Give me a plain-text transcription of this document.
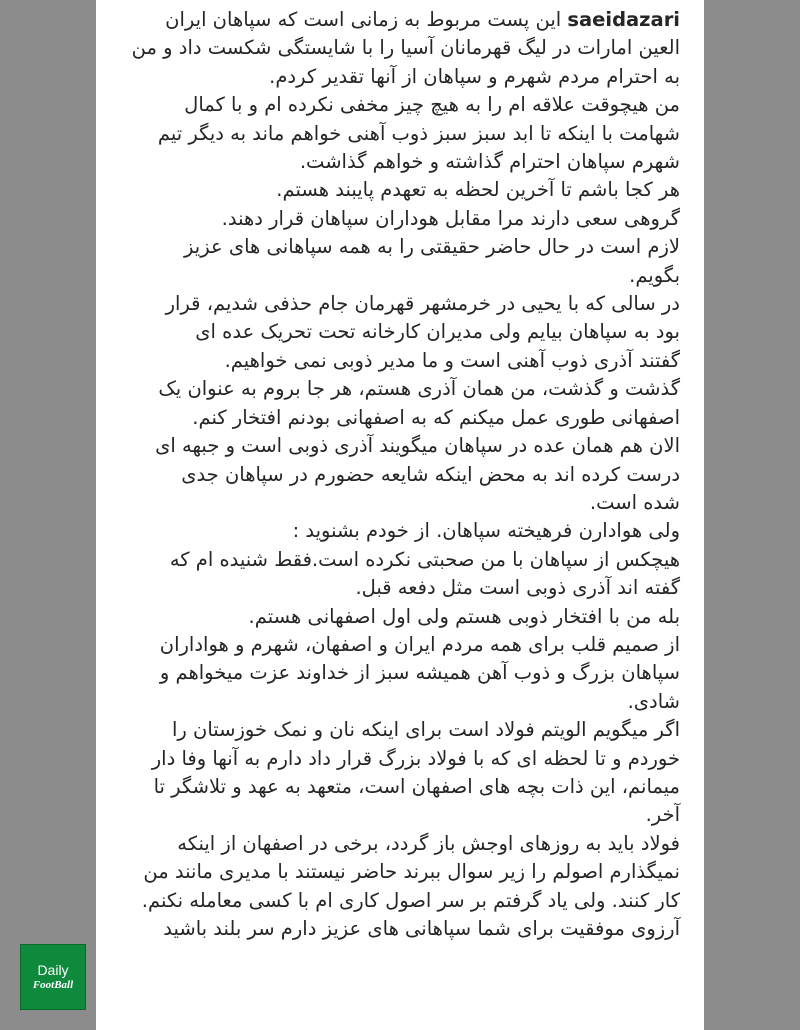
saeidazari این پست مربوط به زمانی است که سپاهان ایران
العین امارات در لیگ قهرمانان آسیا را با شایستگی شکست داد و من
به احترام مردم شهرم و سپاهان از آنها تقدیر کردم.
من هیچوقت علاقه ام را به هیچ چیز مخفی نکرده ام و با کمال
شهامت با اینکه تا ابد سبز سبز ذوب آهنی خواهم ماند به دیگر تیم
شهرم سپاهان احترام گذاشته و خواهم گذاشت.
هر کجا باشم تا آخرین لحظه به تعهدم پایبند هستم.
گروهی سعی دارند مرا مقابل هوداران سپاهان قرار دهند.
لازم است در حال حاضر حقیقتی را به همه سپاهانی های عزیز
بگویم.
در سالی که با یحیی در خرمشهر قهرمان جام حذفی شدیم، قرار
بود به سپاهان بیایم ولی مدیران کارخانه تحت تحریک عده ای
گفتند آذری ذوب آهنی است و ما مدیر ذوبی نمی خواهیم.
گذشت و گذشت، من همان آذری هستم، هر جا بروم به عنوان یک
اصفهانی طوری عمل میکنم که به اصفهانی بودنم افتخار کنم.
الان هم همان عده در سپاهان میگویند آذری ذوبی است و جبهه ای
درست کرده اند به محض اینکه شایعه حضورم در سپاهان جدی
شده است.
ولی هوادارن فرهیخته سپاهان. از خودم بشنوید :
هیچکس از سپاهان با من صحبتی نکرده است.فقط شنیده ام که
گفته اند آذری ذوبی است مثل دفعه قبل.
بله من با افتخار ذوبی هستم ولی اول اصفهانی هستم.
از صمیم قلب برای همه مردم ایران و اصفهان، شهرم و هواداران
سپاهان بزرگ و ذوب آهن همیشه سبز از خداوند عزت میخواهم و
شادی.
اگر میگویم الویتم فولاد است برای اینکه نان و نمک خوزستان را
خوردم و تا لحظه ای که با فولاد بزرگ قرار داد دارم به آنها وفا دار
میمانم، این ذات بچه های اصفهان است، متعهد به عهد و تلاشگر تا
آخر.
فولاد باید به روزهای اوجش باز گردد، برخی در اصفهان از اینکه
نمیگذارم اصولم را زیر سوال ببرند حاضر نیستند با مدیری مانند من
کار کنند. ولی یاد گرفتم بر سر اصول کاری ام با کسی معامله نکنم.
آرزوی موفقیت برای شما سپاهانی های عزیز دارم سر بلند باشید
Daily
FootBall
